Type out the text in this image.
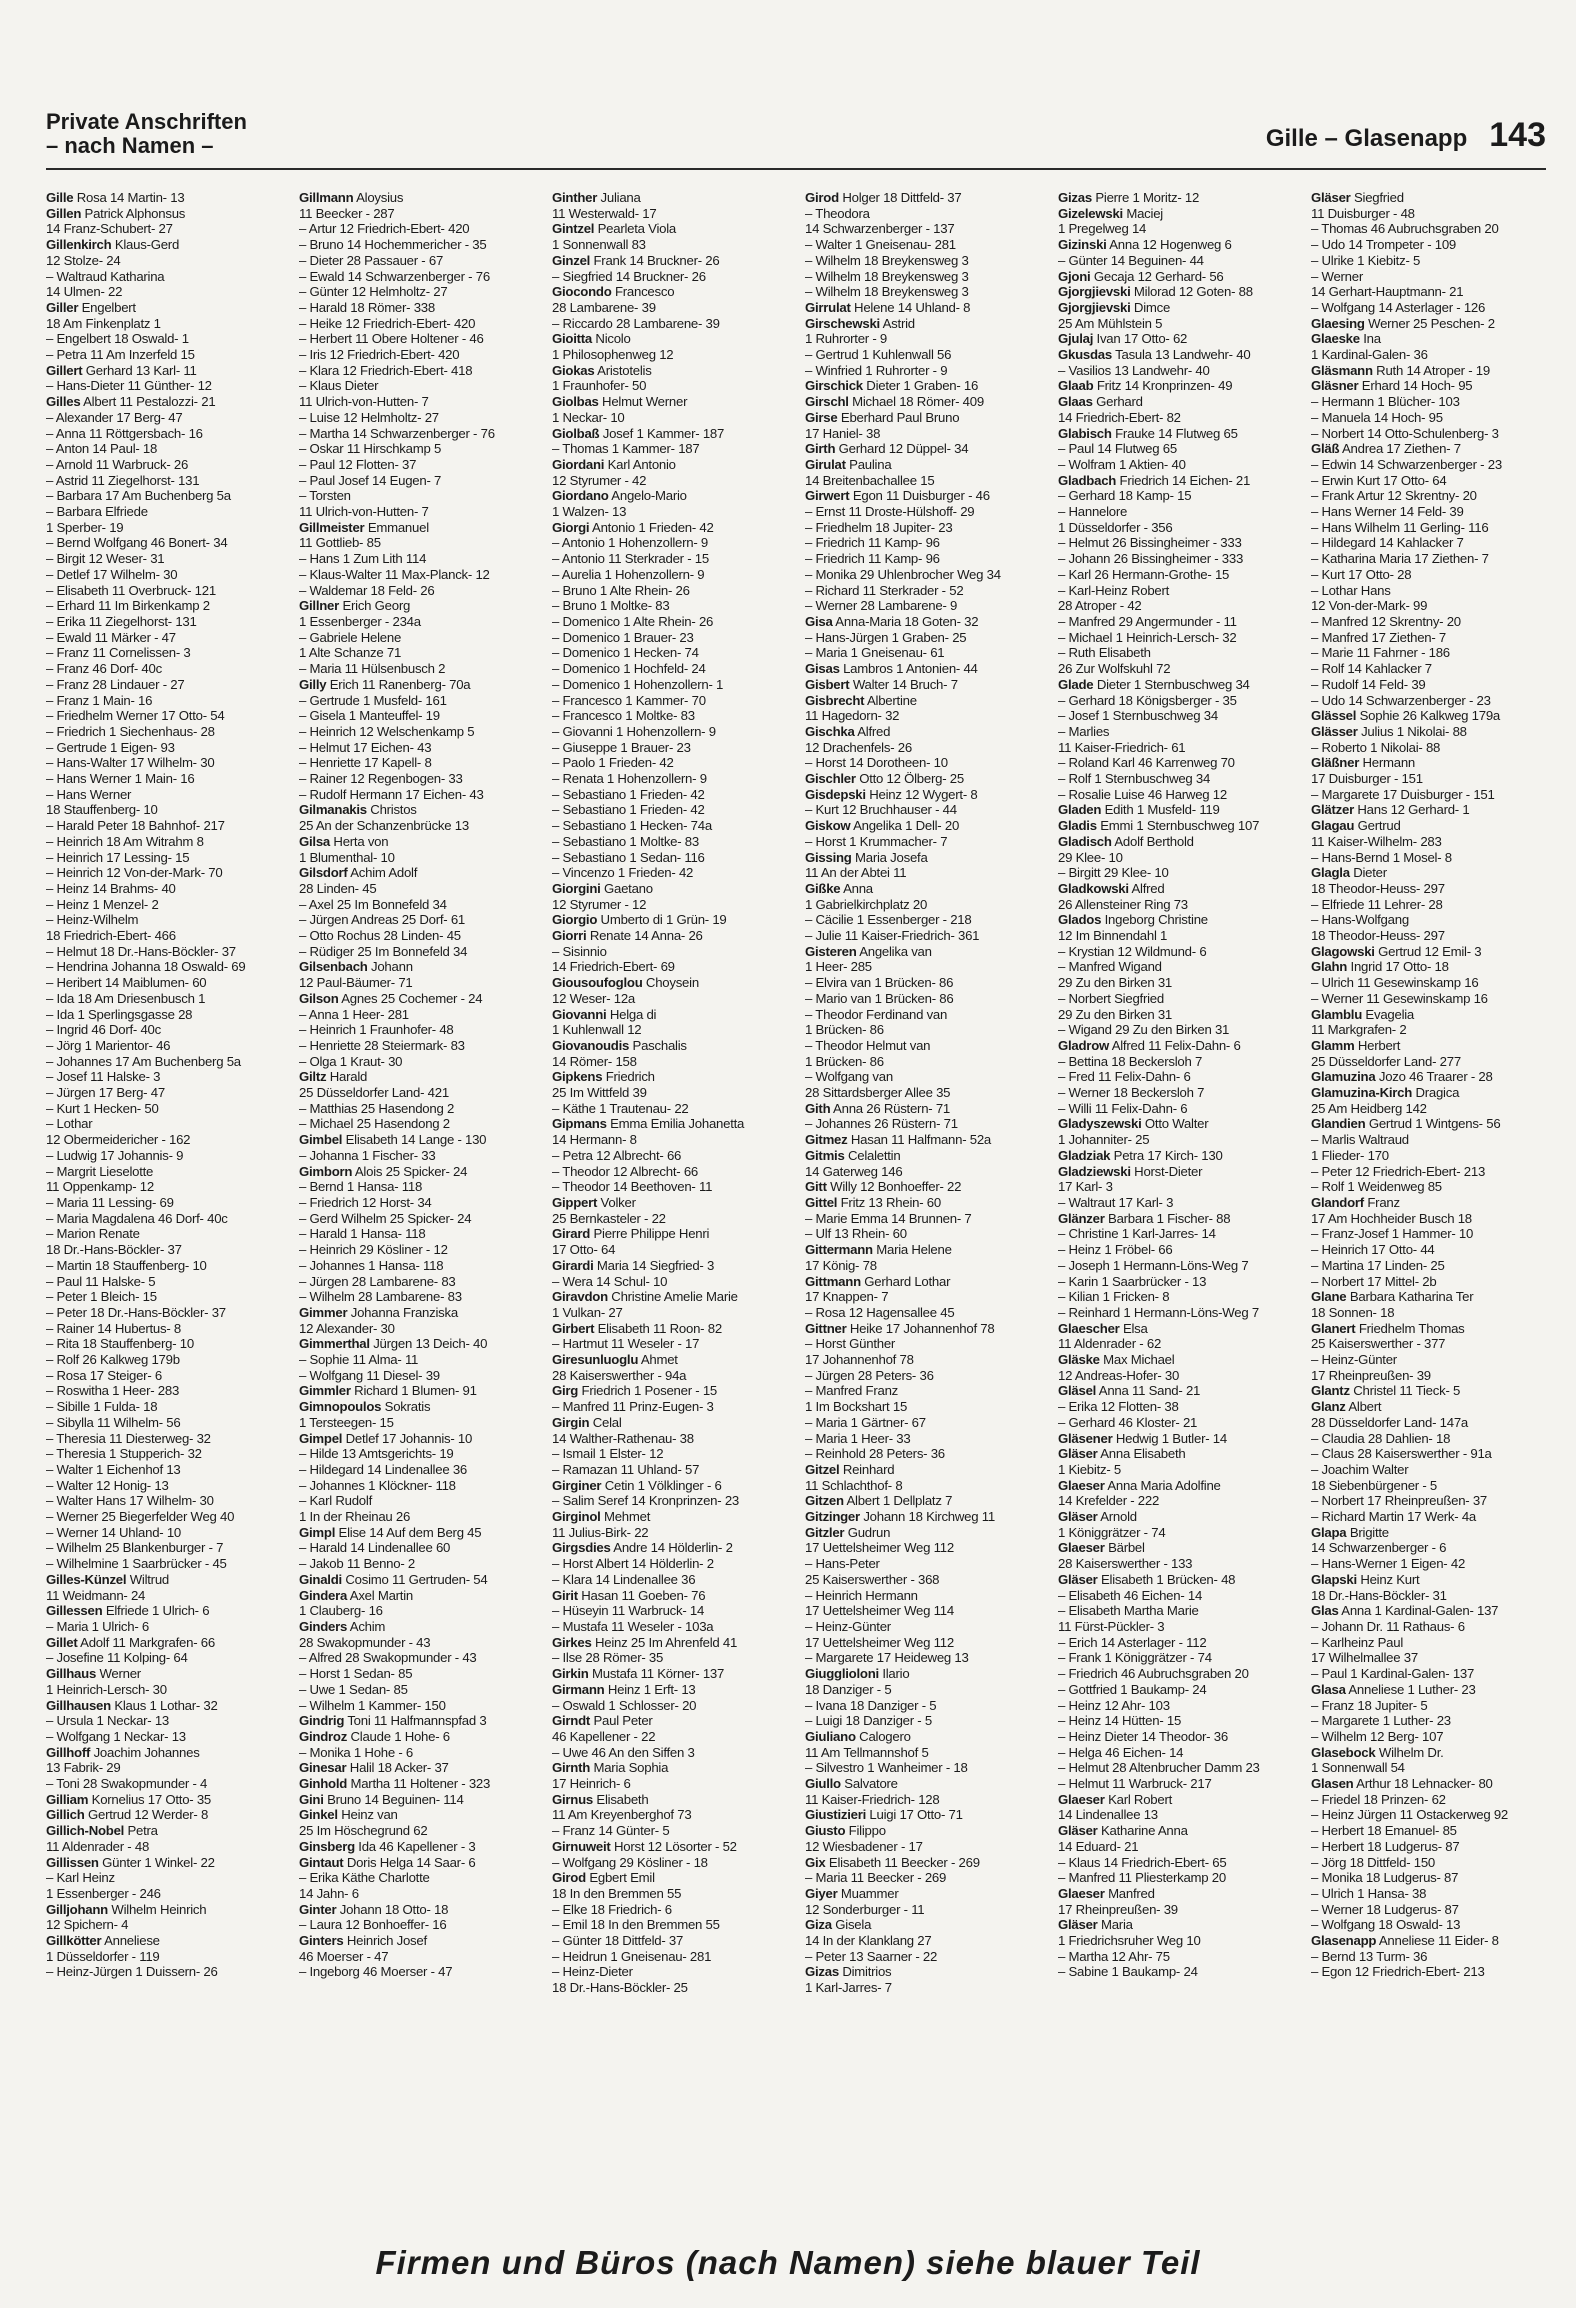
Private Anschriften
– nach Namen –	Gille – Glasenapp 143
Gille Rosa 14 Martin- 13
Gillen Patrick Alphonsus
14 Franz-Schubert- 27
Gillenkirch Klaus-Gerd
12 Stolze- 24
– Waltraud Katharina
14 Ulmen- 22
Giller Engelbert
18 Am Finkenplatz 1
– Engelbert 18 Oswald- 1
– Petra 11 Am Inzerfeld 15
Gillert Gerhard 13 Karl- 11
– Hans-Dieter 11 Günther- 12
Gilles Albert 11 Pestalozzi- 21
– Alexander 17 Berg- 47
– Anna 11 Röttgersbach- 16
– Anton 14 Paul- 18
– Arnold 11 Warbruck- 26
– Astrid 11 Ziegelhorst- 131
– Barbara 17 Am Buchenberg 5a
– Barbara Elfriede
1 Sperber- 19
– Bernd Wolfgang 46 Bonert- 34
– Birgit 12 Weser- 31
– Detlef 17 Wilhelm- 30
– Elisabeth 11 Overbruck- 121
– Erhard 11 Im Birkenkamp 2
– Erika 11 Ziegelhorst- 131
– Ewald 11 Märker - 47
– Franz 11 Cornelissen- 3
– Franz 46 Dorf- 40c
– Franz 28 Lindauer - 27
– Franz 1 Main- 16
– Friedhelm Werner 17 Otto- 54
– Friedrich 1 Siechenhaus- 28
– Gertrude 1 Eigen- 93
– Hans-Walter 17 Wilhelm- 30
– Hans Werner 1 Main- 16
– Hans Werner
18 Stauffenberg- 10
– Harald Peter 18 Bahnhof- 217
– Heinrich 18 Am Witrahm 8
– Heinrich 17 Lessing- 15
– Heinrich 12 Von-der-Mark- 70
– Heinz 14 Brahms- 40
– Heinz 1 Menzel- 2
– Heinz-Wilhelm
18 Friedrich-Ebert- 466
– Helmut 18 Dr.-Hans-Böckler- 37
– Hendrina Johanna 18 Oswald- 69
– Heribert 14 Maiblumen- 60
– Ida 18 Am Driesenbusch 1
– Ida 1 Sperlingsgasse 28
– Ingrid 46 Dorf- 40c
– Jörg 1 Marientor- 46
– Johannes 17 Am Buchenberg 5a
– Josef 11 Halske- 3
– Jürgen 17 Berg- 47
– Kurt 1 Hecken- 50
– Lothar
12 Obermeidericher - 162
– Ludwig 17 Johannis- 9
– Margrit Lieselotte
11 Oppenkamp- 12
– Maria 11 Lessing- 69
– Maria Magdalena 46 Dorf- 40c
– Marion Renate
18 Dr.-Hans-Böckler- 37
– Martin 18 Stauffenberg- 10
– Paul 11 Halske- 5
– Peter 1 Bleich- 15
– Peter 18 Dr.-Hans-Böckler- 37
– Rainer 14 Hubertus- 8
– Rita 18 Stauffenberg- 10
– Rolf 26 Kalkweg 179b
– Rosa 17 Steiger- 6
– Roswitha 1 Heer- 283
– Sibille 1 Fulda- 18
– Sibylla 11 Wilhelm- 56
– Theresia 11 Diesterweg- 32
– Theresia 1 Stupperich- 32
– Walter 1 Eichenhof 13
– Walter 12 Honig- 13
– Walter Hans 17 Wilhelm- 30
– Werner 25 Biegerfelder Weg 40
– Werner 14 Uhland- 10
– Wilhelm 25 Blankenburger - 7
– Wilhelmine 1 Saarbrücker - 45
Gilles-Künzel Wiltrud
11 Weidmann- 24
Gillessen Elfriede 1 Ulrich- 6
– Maria 1 Ulrich- 6
Gillet Adolf 11 Markgrafen- 66
– Josefine 11 Kolping- 64
Gillhaus Werner
1 Heinrich-Lersch- 30
Gillhausen Klaus 1 Lothar- 32
– Ursula 1 Neckar- 13
– Wolfgang 1 Neckar- 13
Gillhoff Joachim Johannes
13 Fabrik- 29
– Toni 28 Swakopmunder - 4
Gilliam Kornelius 17 Otto- 35
Gillich Gertrud 12 Werder- 8
Gillich-Nobel Petra
11 Aldenrader - 48
Gillissen Günter 1 Winkel- 22
– Karl Heinz
1 Essenberger - 246
Gilljohann Wilhelm Heinrich
12 Spichern- 4
Gillkötter Anneliese
1 Düsseldorfer - 119
– Heinz-Jürgen 1 Duissern- 26
Gillmann Aloysius
11 Beecker - 287
– Artur 12 Friedrich-Ebert- 420
– Bruno 14 Hochemmericher - 35
– Dieter 28 Passauer - 67
– Ewald 14 Schwarzenberger - 76
– Günter 12 Helmholtz- 27
– Harald 18 Römer- 338
– Heike 12 Friedrich-Ebert- 420
– Herbert 11 Obere Holtener - 46
– Iris 12 Friedrich-Ebert- 420
– Klara 12 Friedrich-Ebert- 418
– Klaus Dieter
11 Ulrich-von-Hutten- 7
– Luise 12 Helmholtz- 27
– Martha 14 Schwarzenberger - 76
– Oskar 11 Hirschkamp 5
– Paul 12 Flotten- 37
– Paul Josef 14 Eugen- 7
– Torsten
11 Ulrich-von-Hutten- 7
Gillmeister Emmanuel
11 Gottlieb- 85
– Hans 1 Zum Lith 114
– Klaus-Walter 11 Max-Planck- 12
– Waldemar 18 Feld- 26
Gillner Erich Georg
1 Essenberger - 234a
– Gabriele Helene
1 Alte Schanze 71
– Maria 11 Hülsenbusch 2
Gilly Erich 11 Ranenberg- 70a
– Gertrude 1 Musfeld- 161
– Gisela 1 Manteuffel- 19
– Heinrich 12 Welschenkamp 5
– Helmut 17 Eichen- 43
– Henriette 17 Kapell- 8
– Rainer 12 Regenbogen- 33
– Rudolf Hermann 17 Eichen- 43
Gilmanakis Christos
25 An der Schanzenbrücke 13
Gilsa Herta von
1 Blumenthal- 10
Gilsdorf Achim Adolf
28 Linden- 45
– Axel 25 Im Bonnefeld 34
– Jürgen Andreas 25 Dorf- 61
– Otto Rochus 28 Linden- 45
– Rüdiger 25 Im Bonnefeld 34
Gilsenbach Johann
12 Paul-Bäumer- 71
Gilson Agnes 25 Cochemer - 24
– Anna 1 Heer- 281
– Heinrich 1 Fraunhofer- 48
– Henriette 28 Steiermark- 83
– Olga 1 Kraut- 30
Giltz Harald
25 Düsseldorfer Land- 421
– Matthias 25 Hasendong 2
– Michael 25 Hasendong 2
Gimbel Elisabeth 14 Lange - 130
– Johanna 1 Fischer- 33
Gimborn Alois 25 Spicker- 24
– Bernd 1 Hansa- 118
– Friedrich 12 Horst- 34
– Gerd Wilhelm 25 Spicker- 24
– Harald 1 Hansa- 118
– Heinrich 29 Kösliner - 12
– Johannes 1 Hansa- 118
– Jürgen 28 Lambarene- 83
– Wilhelm 28 Lambarene- 83
Gimmer Johanna Franziska
12 Alexander- 30
Gimmerthal Jürgen 13 Deich- 40
– Sophie 11 Alma- 11
– Wolfgang 11 Diesel- 39
Gimmler Richard 1 Blumen- 91
Gimnopoulos Sokratis
1 Tersteegen- 15
Gimpel Detlef 17 Johannis- 10
– Hilde 13 Amtsgerichts- 19
– Hildegard 14 Lindenallee 36
– Johannes 1 Klöckner- 118
– Karl Rudolf
1 In der Rheinau 26
Gimpl Elise 14 Auf dem Berg 45
– Harald 14 Lindenallee 60
– Jakob 11 Benno- 2
Ginaldi Cosimo 11 Gertruden- 54
Gindera Axel Martin
1 Clauberg- 16
Ginders Achim
28 Swakopmunder - 43
– Alfred 28 Swakopmunder - 43
– Horst 1 Sedan- 85
– Uwe 1 Sedan- 85
– Wilhelm 1 Kammer- 150
Gindrig Toni 11 Halfmannspfad 3
Gindroz Claude 1 Hohe- 6
– Monika 1 Hohe - 6
Ginesar Halil 18 Acker- 37
Ginhold Martha 11 Holtener - 323
Gini Bruno 14 Beguinen- 114
Ginkel Heinz van
25 Im Höschegrund 62
Ginsberg Ida 46 Kapellener - 3
Gintaut Doris Helga 14 Saar- 6
– Erika Käthe Charlotte
14 Jahn- 6
Ginter Johann 18 Otto- 18
– Laura 12 Bonhoeffer- 16
Ginters Heinrich Josef
46 Moerser - 47
– Ingeborg 46 Moerser - 47
Ginther Juliana
11 Westerwald- 17
Gintzel Pearleta Viola
1 Sonnenwall 83
Ginzel Frank 14 Bruckner- 26
– Siegfried 14 Bruckner- 26
Giocondo Francesco
28 Lambarene- 39
– Riccardo 28 Lambarene- 39
Gioitta Nicolo
1 Philosophenweg 12
Giokas Aristotelis
1 Fraunhofer- 50
Giolbas Helmut Werner
1 Neckar- 10
Giolbaß Josef 1 Kammer- 187
– Thomas 1 Kammer- 187
Giordani Karl Antonio
12 Styrumer - 42
Giordano Angelo-Mario
1 Walzen- 13
Giorgi Antonio 1 Frieden- 42
– Antonio 1 Hohenzollern- 9
– Antonio 11 Sterkrader - 15
– Aurelia 1 Hohenzollern- 9
– Bruno 1 Alte Rhein- 26
– Bruno 1 Moltke- 83
– Domenico 1 Alte Rhein- 26
– Domenico 1 Brauer- 23
– Domenico 1 Hecken- 74
– Domenico 1 Hochfeld- 24
– Domenico 1 Hohenzollern- 1
– Francesco 1 Kammer- 70
– Francesco 1 Moltke- 83
– Giovanni 1 Hohenzollern- 9
– Giuseppe 1 Brauer- 23
– Paolo 1 Frieden- 42
– Renata 1 Hohenzollern- 9
– Sebastiano 1 Frieden- 42
– Sebastiano 1 Frieden- 42
– Sebastiano 1 Hecken- 74a
– Sebastiano 1 Moltke- 83
– Sebastiano 1 Sedan- 116
– Vincenzo 1 Frieden- 42
Giorgini Gaetano
12 Styrumer - 12
Giorgio Umberto di 1 Grün- 19
Giorri Renate 14 Anna- 26
– Sisinnio
14 Friedrich-Ebert- 69
Giousoufoglou Choysein
12 Weser- 12a
Giovanni Helga di
1 Kuhlenwall 12
Giovanoudis Paschalis
14 Römer- 158
Gipkens Friedrich
25 Im Wittfeld 39
– Käthe 1 Trautenau- 22
Gipmans Emma Emilia Johanetta
14 Hermann- 8
– Petra 12 Albrecht- 66
– Theodor 12 Albrecht- 66
– Theodor 14 Beethoven- 11
Gippert Volker
25 Bernkasteler - 22
Girard Pierre Philippe Henri
17 Otto- 64
Girardi Maria 14 Siegfried- 3
– Wera 14 Schul- 10
Giravdon Christine Amelie Marie
1 Vulkan- 27
Girbert Elisabeth 11 Roon- 82
– Hartmut 11 Weseler - 17
Giresunluoglu Ahmet
28 Kaiserswerther - 94a
Girg Friedrich 1 Posener - 15
– Manfred 11 Prinz-Eugen- 3
Girgin Celal
14 Walther-Rathenau- 38
– Ismail 1 Elster- 12
– Ramazan 11 Uhland- 57
Girginer Cetin 1 Völklinger - 6
– Salim Seref 14 Kronprinzen- 23
Girginol Mehmet
11 Julius-Birk- 22
Girgsdies Andre 14 Hölderlin- 2
– Horst Albert 14 Hölderlin- 2
– Klara 14 Lindenallee 36
Girit Hasan 11 Goeben- 76
– Hüseyin 11 Warbruck- 14
– Mustafa 11 Weseler - 103a
Girkes Heinz 25 Im Ahrenfeld 41
– Ilse 28 Römer- 35
Girkin Mustafa 11 Körner- 137
Girmann Heinz 1 Erft- 13
– Oswald 1 Schlosser- 20
Girndt Paul Peter
46 Kapellener - 22
– Uwe 46 An den Siffen 3
Girnth Maria Sophia
17 Heinrich- 6
Girnus Elisabeth
11 Am Kreyenberghof 73
– Franz 14 Günter- 5
Girnuweit Horst 12 Lösorter - 52
– Wolfgang 29 Kösliner - 18
Girod Egbert Emil
18 In den Bremmen 55
– Elke 18 Friedrich- 6
– Emil 18 In den Bremmen 55
– Günter 18 Dittfeld- 37
– Heidrun 1 Gneisenau- 281
– Heinz-Dieter
18 Dr.-Hans-Böckler- 25
Girod Holger 18 Dittfeld- 37
– Theodora
14 Schwarzenberger - 137
– Walter 1 Gneisenau- 281
– Wilhelm 18 Breykensweg 3
– Wilhelm 18 Breykensweg 3
– Wilhelm 18 Breykensweg 3
Girrulat Helene 14 Uhland- 8
Girschewski Astrid
1 Ruhrorter - 9
– Gertrud 1 Kuhlenwall 56
– Winfried 1 Ruhrorter - 9
Girschick Dieter 1 Graben- 16
Girschl Michael 18 Römer- 409
Girse Eberhard Paul Bruno
17 Haniel- 38
Girth Gerhard 12 Düppel- 34
Girulat Paulina
14 Breitenbachallee 15
Girwert Egon 11 Duisburger - 46
– Ernst 11 Droste-Hülshoff- 29
– Friedhelm 18 Jupiter- 23
– Friedrich 11 Kamp- 96
– Friedrich 11 Kamp- 96
– Monika 29 Uhlenbrocher Weg 34
– Richard 11 Sterkrader - 52
– Werner 28 Lambarene- 9
Gisa Anna-Maria 18 Goten- 32
– Hans-Jürgen 1 Graben- 25
– Maria 1 Gneisenau- 61
Gisas Lambros 1 Antonien- 44
Gisbert Walter 14 Bruch- 7
Gisbrecht Albertine
11 Hagedorn- 32
Gischka Alfred
12 Drachenfels- 26
– Horst 14 Dorotheen- 10
Gischler Otto 12 Ölberg- 25
Gisdepski Heinz 12 Wygert- 8
– Kurt 12 Bruchhauser - 44
Giskow Angelika 1 Dell- 20
– Horst 1 Krummacher- 7
Gissing Maria Josefa
11 An der Abtei 11
Gißke Anna
1 Gabrielkirchplatz 20
– Cäcilie 1 Essenberger - 218
– Julie 11 Kaiser-Friedrich- 361
Gisteren Angelika van
1 Heer- 285
– Elvira van 1 Brücken- 86
– Mario van 1 Brücken- 86
– Theodor Ferdinand van
1 Brücken- 86
– Theodor Helmut van
1 Brücken- 86
– Wolfgang van
28 Sittardsberger Allee 35
Gith Anna 26 Rüstern- 71
– Johannes 26 Rüstern- 71
Gitmez Hasan 11 Halfmann- 52a
Gitmis Celalettin
14 Gaterweg 146
Gitt Willy 12 Bonhoeffer- 22
Gittel Fritz 13 Rhein- 60
– Marie Emma 14 Brunnen- 7
– Ulf 13 Rhein- 60
Gittermann Maria Helene
17 König- 78
Gittmann Gerhard Lothar
17 Knappen- 7
– Rosa 12 Hagensallee 45
Gittner Heike 17 Johannenhof 78
– Horst Günther
17 Johannenhof 78
– Jürgen 28 Peters- 36
– Manfred Franz
1 Im Bockshart 15
– Maria 1 Gärtner- 67
– Maria 1 Heer- 33
– Reinhold 28 Peters- 36
Gitzel Reinhard
11 Schlachthof- 8
Gitzen Albert 1 Dellplatz 7
Gitzinger Johann 18 Kirchweg 11
Gitzler Gudrun
17 Uettelsheimer Weg 112
– Hans-Peter
25 Kaiserswerther - 368
– Heinrich Hermann
17 Uettelsheimer Weg 114
– Heinz-Günter
17 Uettelsheimer Weg 112
– Margarete 17 Heideweg 13
Giugglioloni Ilario
18 Danziger - 5
– Ivana 18 Danziger - 5
– Luigi 18 Danziger - 5
Giuliano Calogero
11 Am Tellmannshof 5
– Silvestro 1 Wanheimer - 18
Giullo Salvatore
11 Kaiser-Friedrich- 128
Giustizieri Luigi 17 Otto- 71
Giusto Filippo
12 Wiesbadener - 17
Gix Elisabeth 11 Beecker - 269
– Maria 11 Beecker - 269
Giyer Muammer
12 Sonderburger - 11
Giza Gisela
14 In der Klanklang 27
– Peter 13 Saarner - 22
Gizas Dimitrios
1 Karl-Jarres- 7
Gizas Pierre 1 Moritz- 12
Gizelewski Maciej
1 Pregelweg 14
Gizinski Anna 12 Hogenweg 6
– Günter 14 Beguinen- 44
Gjoni Gecaja 12 Gerhard- 56
Gjorgjievski Milorad 12 Goten- 88
Gjorgjievski Dimce
25 Am Mühlstein 5
Gjulaj Ivan 17 Otto- 62
Gkusdas Tasula 13 Landwehr- 40
– Vasilios 13 Landwehr- 40
Glaab Fritz 14 Kronprinzen- 49
Glaas Gerhard
14 Friedrich-Ebert- 82
Glabisch Frauke 14 Flutweg 65
– Paul 14 Flutweg 65
– Wolfram 1 Aktien- 40
Gladbach Friedrich 14 Eichen- 21
– Gerhard 18 Kamp- 15
– Hannelore
1 Düsseldorfer - 356
– Helmut 26 Bissingheimer - 333
– Johann 26 Bissingheimer - 333
– Karl 26 Hermann-Grothe- 15
– Karl-Heinz Robert
28 Atroper - 42
– Manfred 29 Angermunder - 11
– Michael 1 Heinrich-Lersch- 32
– Ruth Elisabeth
26 Zur Wolfskuhl 72
Glade Dieter 1 Sternbuschweg 34
– Gerhard 18 Königsberger - 35
– Josef 1 Sternbuschweg 34
– Marlies
11 Kaiser-Friedrich- 61
– Roland Karl 46 Karrenweg 70
– Rolf 1 Sternbuschweg 34
– Rosalie Luise 46 Harweg 12
Gladen Edith 1 Musfeld- 119
Gladis Emmi 1 Sternbuschweg 107
Gladisch Adolf Berthold
29 Klee- 10
– Birgitt 29 Klee- 10
Gladkowski Alfred
26 Allensteiner Ring 73
Glados Ingeborg Christine
12 Im Binnendahl 1
– Krystian 12 Wildmund- 6
– Manfred Wigand
29 Zu den Birken 31
– Norbert Siegfried
29 Zu den Birken 31
– Wigand 29 Zu den Birken 31
Gladrow Alfred 11 Felix-Dahn- 6
– Bettina 18 Beckersloh 7
– Fred 11 Felix-Dahn- 6
– Werner 18 Beckersloh 7
– Willi 11 Felix-Dahn- 6
Gladyszewski Otto Walter
1 Johanniter- 25
Gladziak Petra 17 Kirch- 130
Gladziewski Horst-Dieter
17 Karl- 3
– Waltraut 17 Karl- 3
Glänzer Barbara 1 Fischer- 88
– Christine 1 Karl-Jarres- 14
– Heinz 1 Fröbel- 66
– Joseph 1 Hermann-Löns-Weg 7
– Karin 1 Saarbrücker - 13
– Kilian 1 Fricken- 8
– Reinhard 1 Hermann-Löns-Weg 7
Glaescher Elsa
11 Aldenrader - 62
Gläske Max Michael
12 Andreas-Hofer- 30
Gläsel Anna 11 Sand- 21
– Erika 12 Flotten- 38
– Gerhard 46 Kloster- 21
Gläsener Hedwig 1 Butler- 14
Gläser Anna Elisabeth
1 Kiebitz- 5
Glaeser Anna Maria Adolfine
14 Krefelder - 222
Gläser Arnold
1 Königgrätzer - 74
Glaeser Bärbel
28 Kaiserswerther - 133
Gläser Elisabeth 1 Brücken- 48
– Elisabeth 46 Eichen- 14
– Elisabeth Martha Marie
11 Fürst-Pückler- 3
– Erich 14 Asterlager - 112
– Frank 1 Königgrätzer - 74
– Friedrich 46 Aubruchsgraben 20
– Gottfried 1 Baukamp- 24
– Heinz 12 Ahr- 103
– Heinz 14 Hütten- 15
– Heinz Dieter 14 Theodor- 36
– Helga 46 Eichen- 14
– Helmut 28 Altenbrucher Damm 23
– Helmut 11 Warbruck- 217
Glaeser Karl Robert
14 Lindenallee 13
Gläser Katharine Anna
14 Eduard- 21
– Klaus 14 Friedrich-Ebert- 65
– Manfred 11 Pliesterkamp 20
Glaeser Manfred
17 Rheinpreußen- 39
Gläser Maria
1 Friedrichsruher Weg 10
– Martha 12 Ahr- 75
– Sabine 1 Baukamp- 24
Gläser Siegfried
11 Duisburger - 48
– Thomas 46 Aubruchsgraben 20
– Udo 14 Trompeter - 109
– Ulrike 1 Kiebitz- 5
– Werner
14 Gerhart-Hauptmann- 21
– Wolfgang 14 Asterlager - 126
Glaesing Werner 25 Peschen- 2
Glaeske Ina
1 Kardinal-Galen- 36
Gläsmann Ruth 14 Atroper - 19
Gläsner Erhard 14 Hoch- 95
– Hermann 1 Blücher- 103
– Manuela 14 Hoch- 95
– Norbert 14 Otto-Schulenberg- 3
Gläß Andrea 17 Ziethen- 7
– Edwin 14 Schwarzenberger - 23
– Erwin Kurt 17 Otto- 64
– Frank Artur 12 Skrentny- 20
– Hans Werner 14 Feld- 39
– Hans Wilhelm 11 Gerling- 116
– Hildegard 14 Kahlacker 7
– Katharina Maria 17 Ziethen- 7
– Kurt 17 Otto- 28
– Lothar Hans
12 Von-der-Mark- 99
– Manfred 12 Skrentny- 20
– Manfred 17 Ziethen- 7
– Marie 11 Fahrner - 186
– Rolf 14 Kahlacker 7
– Rudolf 14 Feld- 39
– Udo 14 Schwarzenberger - 23
Glässel Sophie 26 Kalkweg 179a
Glässer Julius 1 Nikolai- 88
– Roberto 1 Nikolai- 88
Gläßner Hermann
17 Duisburger - 151
– Margarete 17 Duisburger - 151
Glätzer Hans 12 Gerhard- 1
Glagau Gertrud
11 Kaiser-Wilhelm- 283
– Hans-Bernd 1 Mosel- 8
Glagla Dieter
18 Theodor-Heuss- 297
– Elfriede 11 Lehrer- 28
– Hans-Wolfgang
18 Theodor-Heuss- 297
Glagowski Gertrud 12 Emil- 3
Glahn Ingrid 17 Otto- 18
– Ulrich 11 Gesewinskamp 16
– Werner 11 Gesewinskamp 16
Glamblu Evagelia
11 Markgrafen- 2
Glamm Herbert
25 Düsseldorfer Land- 277
Glamuzina Jozo 46 Traarer - 28
Glamuzina-Kirch Dragica
25 Am Heidberg 142
Glandien Gertrud 1 Wintgens- 56
– Marlis Waltraud
1 Flieder- 170
– Peter 12 Friedrich-Ebert- 213
– Rolf 1 Weidenweg 85
Glandorf Franz
17 Am Hochheider Busch 18
– Franz-Josef 1 Hammer- 10
– Heinrich 17 Otto- 44
– Martina 17 Linden- 25
– Norbert 17 Mittel- 2b
Glane Barbara Katharina Ter
18 Sonnen- 18
Glanert Friedhelm Thomas
25 Kaiserswerther - 377
– Heinz-Günter
17 Rheinpreußen- 39
Glantz Christel 11 Tieck- 5
Glanz Albert
28 Düsseldorfer Land- 147a
– Claudia 28 Dahlien- 18
– Claus 28 Kaiserswerther - 91a
– Joachim Walter
18 Siebenbürgener - 5
– Norbert 17 Rheinpreußen- 37
– Richard Martin 17 Werk- 4a
Glapa Brigitte
14 Schwarzenberger - 6
– Hans-Werner 1 Eigen- 42
Glapski Heinz Kurt
18 Dr.-Hans-Böckler- 31
Glas Anna 1 Kardinal-Galen- 137
– Johann Dr. 11 Rathaus- 6
– Karlheinz Paul
17 Wilhelmallee 37
– Paul 1 Kardinal-Galen- 137
Glasa Anneliese 1 Luther- 23
– Franz 18 Jupiter- 5
– Margarete 1 Luther- 23
– Wilhelm 12 Berg- 107
Glasebock Wilhelm Dr.
1 Sonnenwall 54
Glasen Arthur 18 Lehnacker- 80
– Friedel 18 Prinzen- 62
– Heinz Jürgen 11 Ostackerweg 92
– Herbert 18 Emanuel- 85
– Herbert 18 Ludgerus- 87
– Jörg 18 Dittfeld- 150
– Monika 18 Ludgerus- 87
– Ulrich 1 Hansa- 38
– Werner 18 Ludgerus- 87
– Wolfgang 18 Oswald- 13
Glasenapp Anneliese 11 Eider- 8
– Bernd 13 Turm- 36
– Egon 12 Friedrich-Ebert- 213
Firmen und Büros (nach Namen) siehe blauer Teil
